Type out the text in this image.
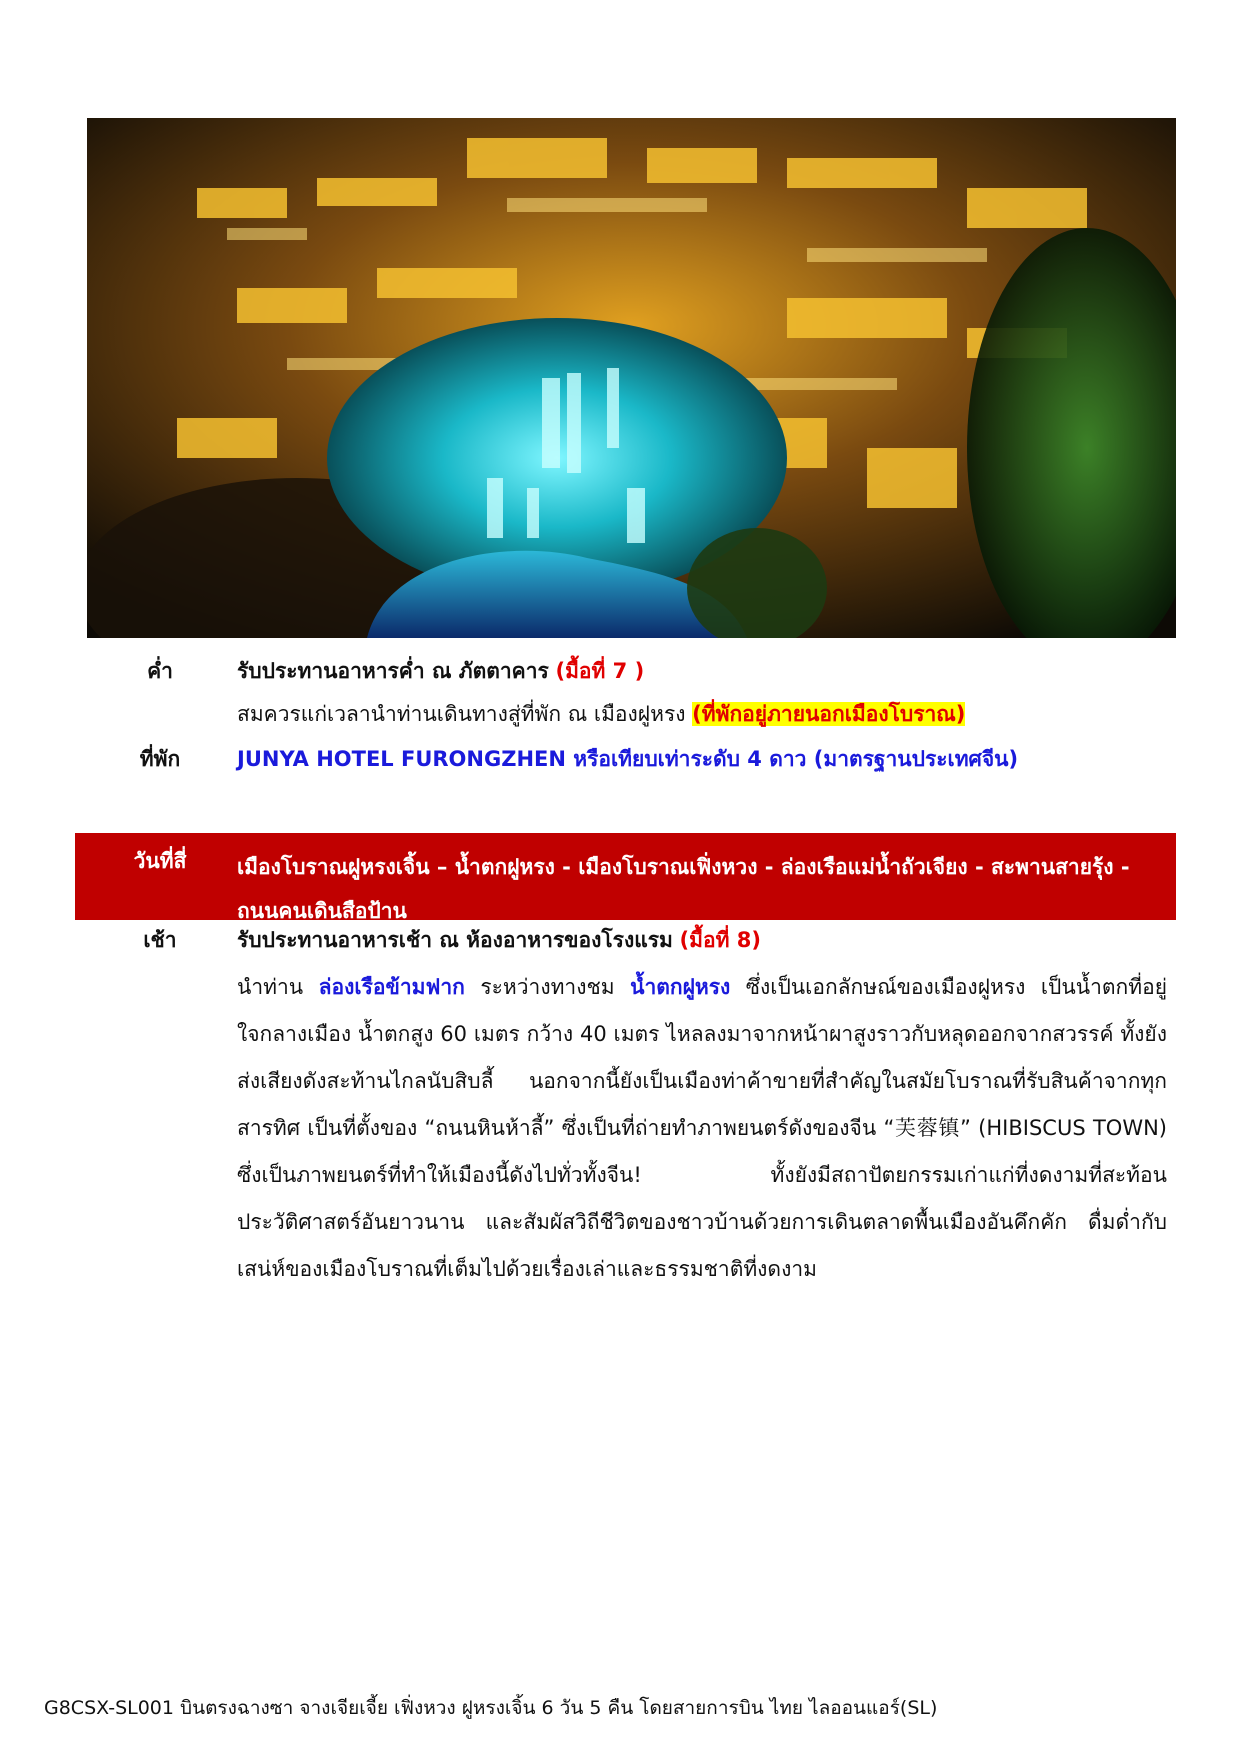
ค่ำ	รับประทานอาหารค่ำ ณ ภัตตาคาร (มื้อที่ 7 )
สมควรแก่เวลานำท่านเดินทางสู่ที่พัก ณ เมืองฝูหรง (ที่พักอยู่ภายนอกเมืองโบราณ)
ที่พัก	JUNYA HOTEL FURONGZHEN หรือเทียบเท่าระดับ 4 ดาว (มาตรฐานประเทศจีน)
วันที่สี่	เมืองโบราณฝูหรงเจิ้น – น้ำตกฝูหรง - เมืองโบราณเฟิ่งหวง - ล่องเรือแม่น้ำถัวเจียง - สะพานสายรุ้ง - ถนนคนเดินสือป้าน
เช้า	รับประทานอาหารเช้า ณ ห้องอาหารของโรงแรม (มื้อที่ 8)
นำท่าน ล่องเรือข้ามฟาก ระหว่างทางชม น้ำตกฝูหรง ซึ่งเป็นเอกลักษณ์ของเมืองฝูหรง เป็นน้ำตกที่อยู่ใจกลางเมือง น้ำตกสูง 60 เมตร กว้าง 40 เมตร ไหลลงมาจากหน้าผาสูงราวกับหลุดออกจากสวรรค์ ทั้งยังส่งเสียงดังสะท้านไกลนับสิบลี้ นอกจากนี้ยังเป็นเมืองท่าค้าขายที่สำคัญในสมัยโบราณที่รับสินค้าจากทุกสารทิศ เป็นที่ตั้งของ “ถนนหินห้าลี้” ซึ่งเป็นที่ถ่ายทำภาพยนตร์ดังของจีน “芙蓉镇” (HIBISCUS TOWN) ซึ่งเป็นภาพยนตร์ที่ทำให้เมืองนี้ดังไปทั่วทั้งจีน! ทั้งยังมีสถาปัตยกรรมเก่าแก่ที่งดงามที่สะท้อนประวัติศาสตร์อันยาวนาน และสัมผัสวิถีชีวิตของชาวบ้านด้วยการเดินตลาดพื้นเมืองอันคึกคัก ดื่มด่ำกับเสน่ห์ของเมืองโบราณที่เต็มไปด้วยเรื่องเล่าและธรรมชาติที่งดงาม
G8CSX-SL001 บินตรงฉางซา จางเจียเจี้ย เฟิ่งหวง ฝูหรงเจิ้น 6 วัน 5 คืน โดยสายการบิน ไทย ไลออนแอร์(SL)
